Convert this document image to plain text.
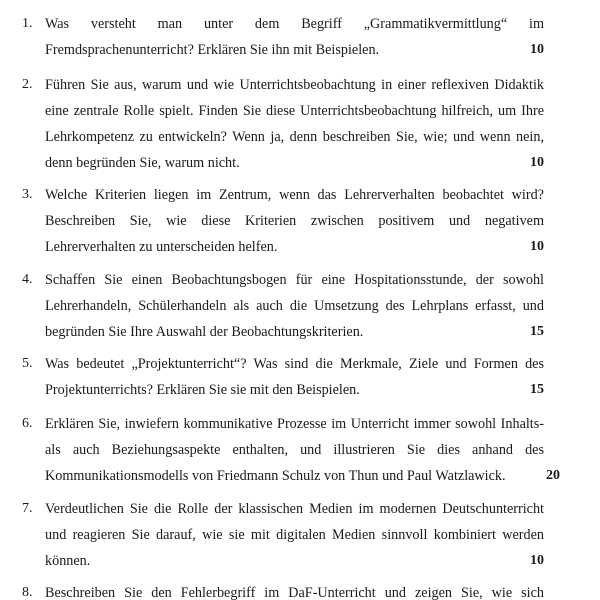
1. Was versteht man unter dem Begriff „Grammatikvermittlung“ im
Fremdsprachenunterricht? Erklären Sie ihn mit Beispielen.	10
2. Führen Sie aus, warum und wie Unterrichtsbeobachtung in einer reflexiven Didaktik
eine zentrale Rolle spielt. Finden Sie diese Unterrichtsbeobachtung hilfreich, um Ihre
Lehrkompetenz zu entwickeln? Wenn ja, denn beschreiben Sie, wie; und wenn nein,
denn begründen Sie, warum nicht.	10
3. Welche Kriterien liegen im Zentrum, wenn das Lehrerverhalten beobachtet wird?
Beschreiben Sie, wie diese Kriterien zwischen positivem und negativem
Lehrerverhalten zu unterscheiden helfen.	10
4. Schaffen Sie einen Beobachtungsbogen für eine Hospitationsstunde, der sowohl
Lehrerhandeln, Schülerhandeln als auch die Umsetzung des Lehrplans erfasst, und
begründen Sie Ihre Auswahl der Beobachtungskriterien.	15
5. Was bedeutet „Projektunterricht“? Was sind die Merkmale, Ziele und Formen des
Projektunterrichts? Erklären Sie sie mit den Beispielen.	15
6. Erklären Sie, inwiefern kommunikative Prozesse im Unterricht immer sowohl Inhalts-
als auch Beziehungsaspekte enthalten, und illustrieren Sie dies anhand des
Kommunikationsmodells von Friedmann Schulz von Thun und Paul Watzlawick.	20
7. Verdeutlichen Sie die Rolle der klassischen Medien im modernen Deutschunterricht
und reagieren Sie darauf, wie sie mit digitalen Medien sinnvoll kombiniert werden
können.	10
8. Beschreiben Sie den Fehlerbegriff im DaF-Unterricht und zeigen Sie, wie sich
